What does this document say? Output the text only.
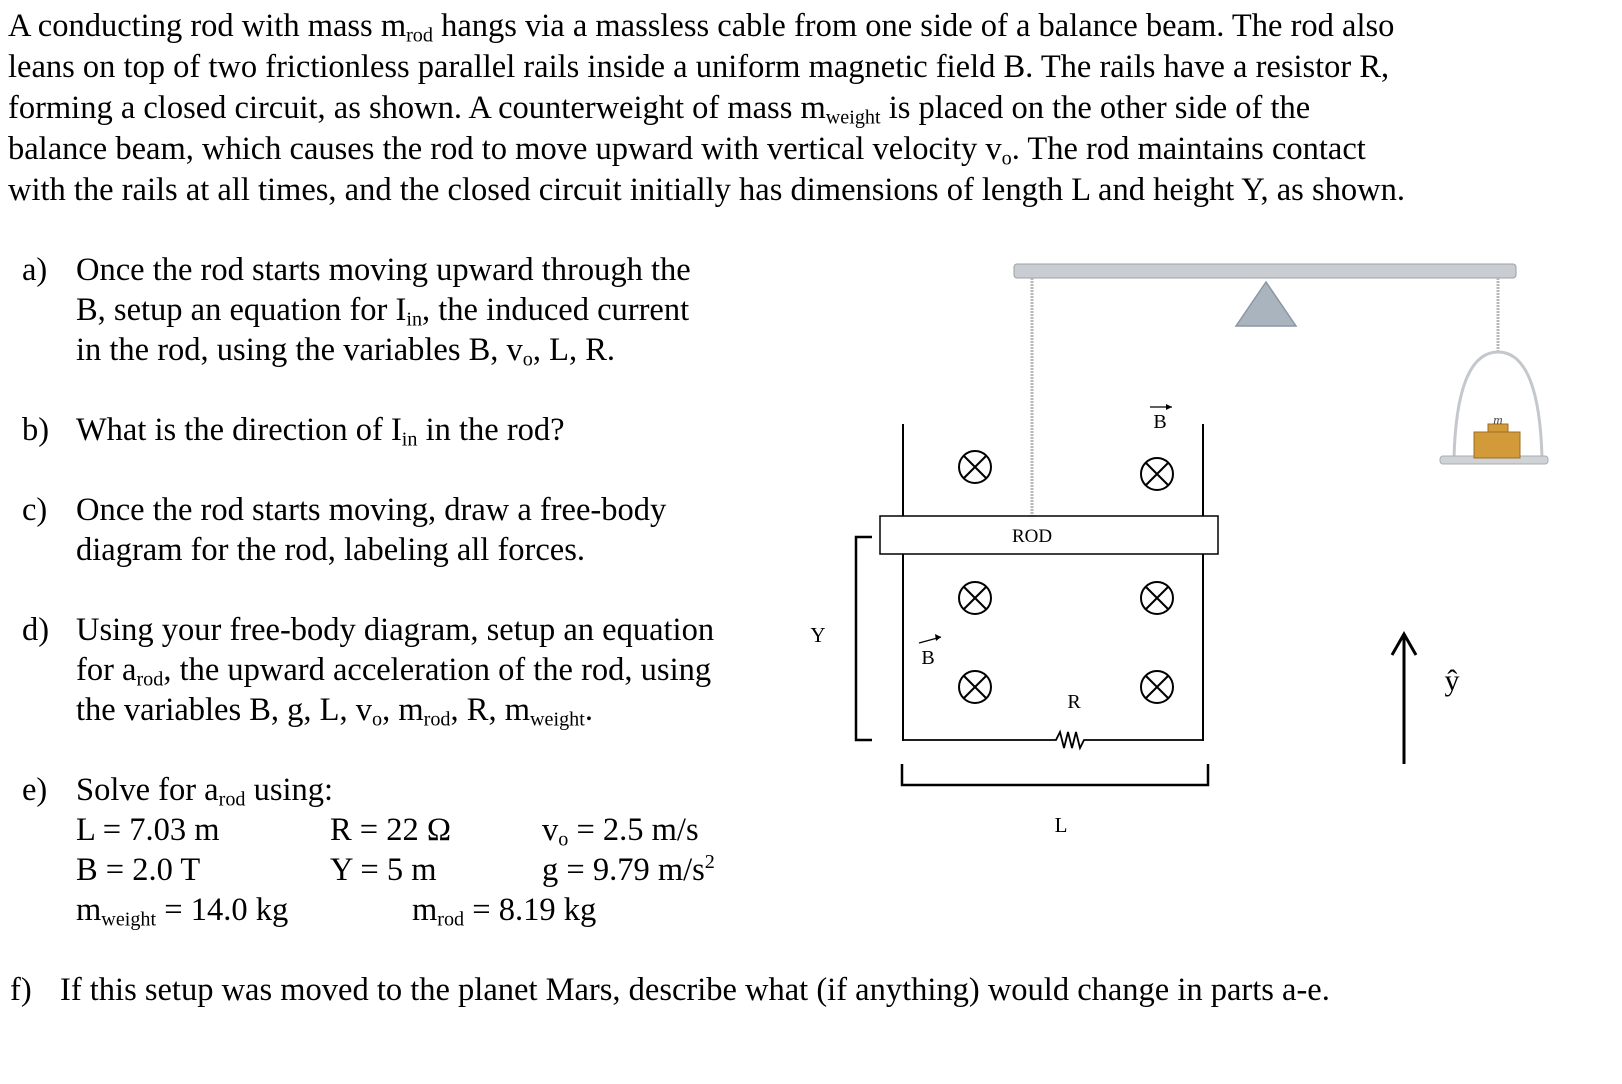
A conducting rod with mass $m_{rod}$ hangs via a massless cable from one side of a balance beam. The rod also
leans on top of two frictionless parallel rails inside a uniform magnetic field B. The rails have a resistor R,
forming a closed circuit, as shown. A counterweight of mass $m_{weight}$ is placed on the other side of the
balance beam, which causes the rod to move upward with vertical velocity $v_o$. The rod maintains contact
with the rails at all times, and the closed circuit initially has dimensions of length L and height Y, as shown.
a) Once the rod starts moving upward through the
B, setup an equation for $I_{in}$, the induced current
in the rod, using the variables B, $v_o$, L, R.
b) What is the direction of $I_{in}$ in the rod?
c) Once the rod starts moving, draw a free-body
diagram for the rod, labeling all forces.
d) Using your free-body diagram, setup an equation
for $a_{rod}$, the upward acceleration of the rod, using
the variables B, g, L, $v_o$, $m_{rod}$, R, $m_{weight}$.
e) Solve for $a_{rod}$ using:
L = 7.03 m	R = 22 Ω	$v_o = 2.5$ m/s
B = 2.0 T	Y = 5 m	g = 9.79 $m/s^2$
$m_{weight} = 14.0$ kg	$m_{rod} = 8.19$ kg
f) If this setup was moved to the planet Mars, describe what (if anything) would change in parts a-e.
m
R
ROD
B
B
Y
L
ŷ
